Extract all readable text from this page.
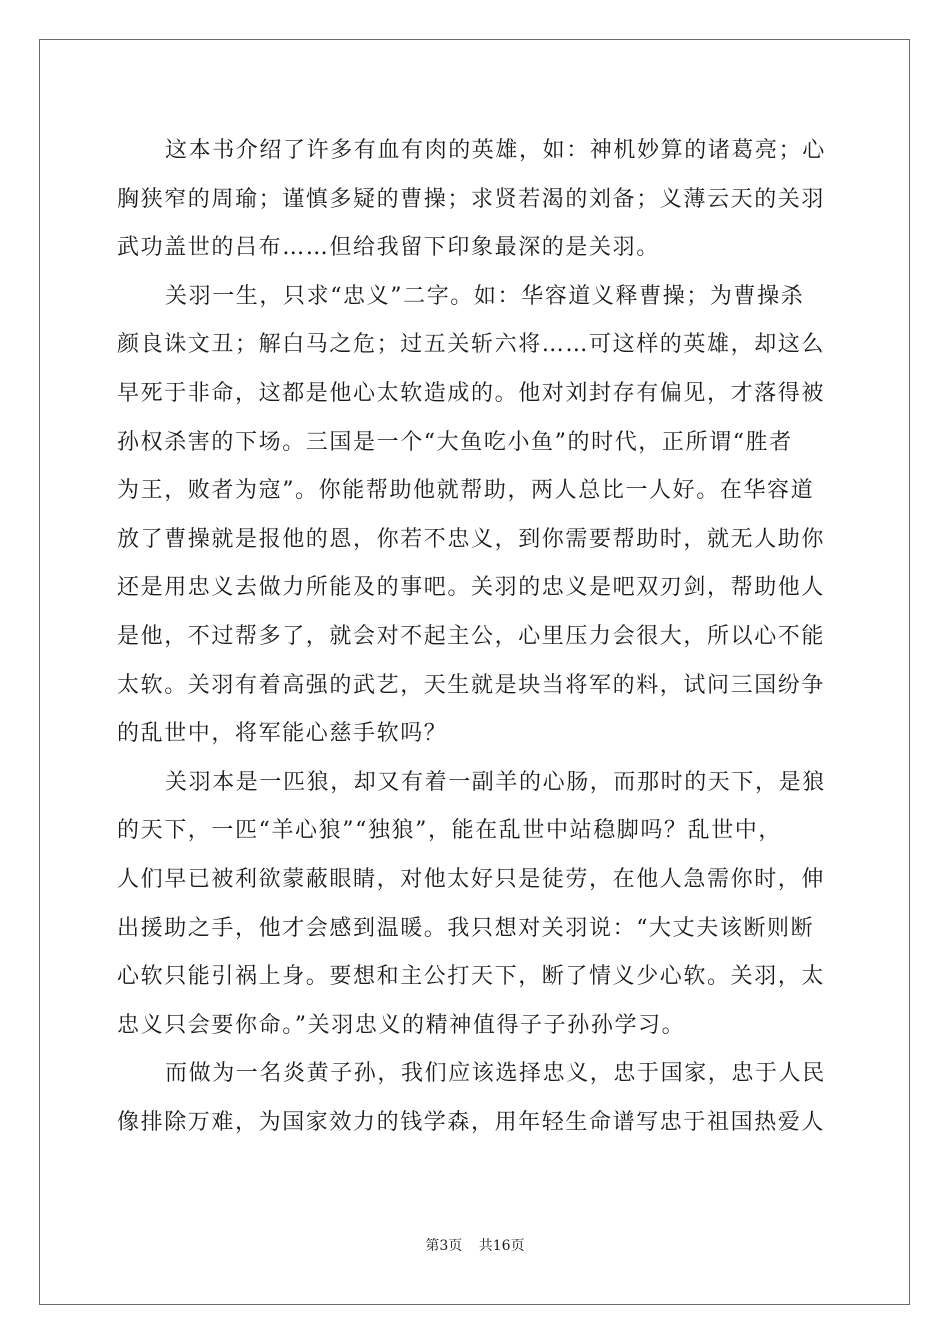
这本书介绍了许多有血有肉的英雄，如：神机妙算的诸葛亮；心
胸狭窄的周瑜；谨慎多疑的曹操；求贤若渴的刘备；义薄云天的关羽
武功盖世的吕布……但给我留下印象最深的是关羽。
关羽一生，只求“忠义”二字。如：华容道义释曹操；为曹操杀
颜良诛文丑；解白马之危；过五关斩六将……可这样的英雄，却这么
早死于非命，这都是他心太软造成的。他对刘封存有偏见，才落得被
孙权杀害的下场。三国是一个“大鱼吃小鱼”的时代，正所谓“胜者
为王，败者为寇”。你能帮助他就帮助，两人总比一人好。在华容道
放了曹操就是报他的恩，你若不忠义，到你需要帮助时，就无人助你
还是用忠义去做力所能及的事吧。关羽的忠义是吧双刃剑，帮助他人
是他，不过帮多了，就会对不起主公，心里压力会很大，所以心不能
太软。关羽有着高强的武艺，天生就是块当将军的料，试问三国纷争
的乱世中，将军能心慈手软吗？
关羽本是一匹狼，却又有着一副羊的心肠，而那时的天下，是狼
的天下，一匹“羊心狼”“独狼”，能在乱世中站稳脚吗？乱世中，
人们早已被利欲蒙蔽眼睛，对他太好只是徒劳，在他人急需你时，伸
出援助之手，他才会感到温暖。我只想对关羽说：“大丈夫该断则断
心软只能引祸上身。要想和主公打天下，断了情义少心软。关羽，太
忠义只会要你命。”关羽忠义的精神值得子子孙孙学习。
而做为一名炎黄子孙，我们应该选择忠义，忠于国家，忠于人民
像排除万难，为国家效力的钱学森，用年轻生命谱写忠于祖国热爱人
第3页 共16页
